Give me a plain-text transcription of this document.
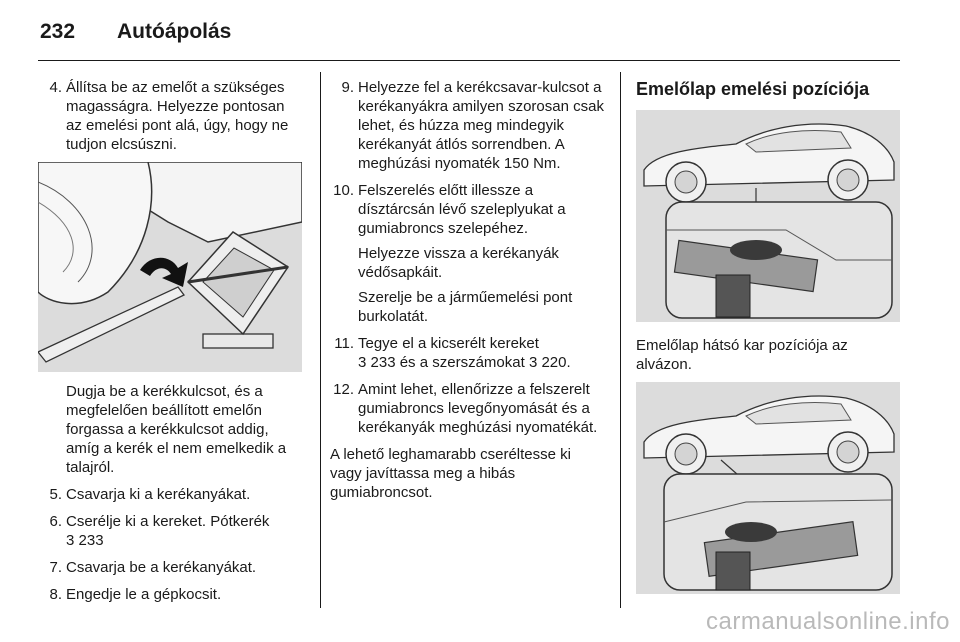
232 Autóápolás
4. Állítsa be az emelőt a szükséges magasságra. Helyezze pontosan az emelési pont alá, úgy, hogy ne tudjon elcsúszni.
Dugja be a kerékkulcsot, és a megfelelően beállított emelőn forgassa a kerékkulcsot addig, amíg a kerék el nem emelkedik a talajról.
5. Csavarja ki a kerékanyákat.
6. Cserélje ki a kereket. Pótkerék
3 233
7. Csavarja be a kerékanyákat.
8. Engedje le a gépkocsit.
9. Helyezze fel a kerékcsavar-kulcsot a kerékanyákra amilyen szorosan csak lehet, és húzza meg mindegyik kerékanyát átlós sorrendben. A meghúzási nyomaték 150 Nm.
10. Felszerelés előtt illessze a dísztárcsán lévő szeleplyukat a gumiabroncs szelepéhez.
Helyezze vissza a kerékanyák védősapkáit.
Szerelje be a járműemelési pont burkolatát.
11. Tegye el a kicserélt kereket
3 233 és a szerszámokat 3 220.
12. Amint lehet, ellenőrizze a felszerelt gumiabroncs levegőnyomását és a kerékanyák meghúzási nyomatékát.
A lehető leghamarabb cseréltesse ki vagy javíttassa meg a hibás gumiabroncsot.
Emelőlap emelési pozíciója
Emelőlap hátsó kar pozíciója az alvázon.
carmanualsonline.info
